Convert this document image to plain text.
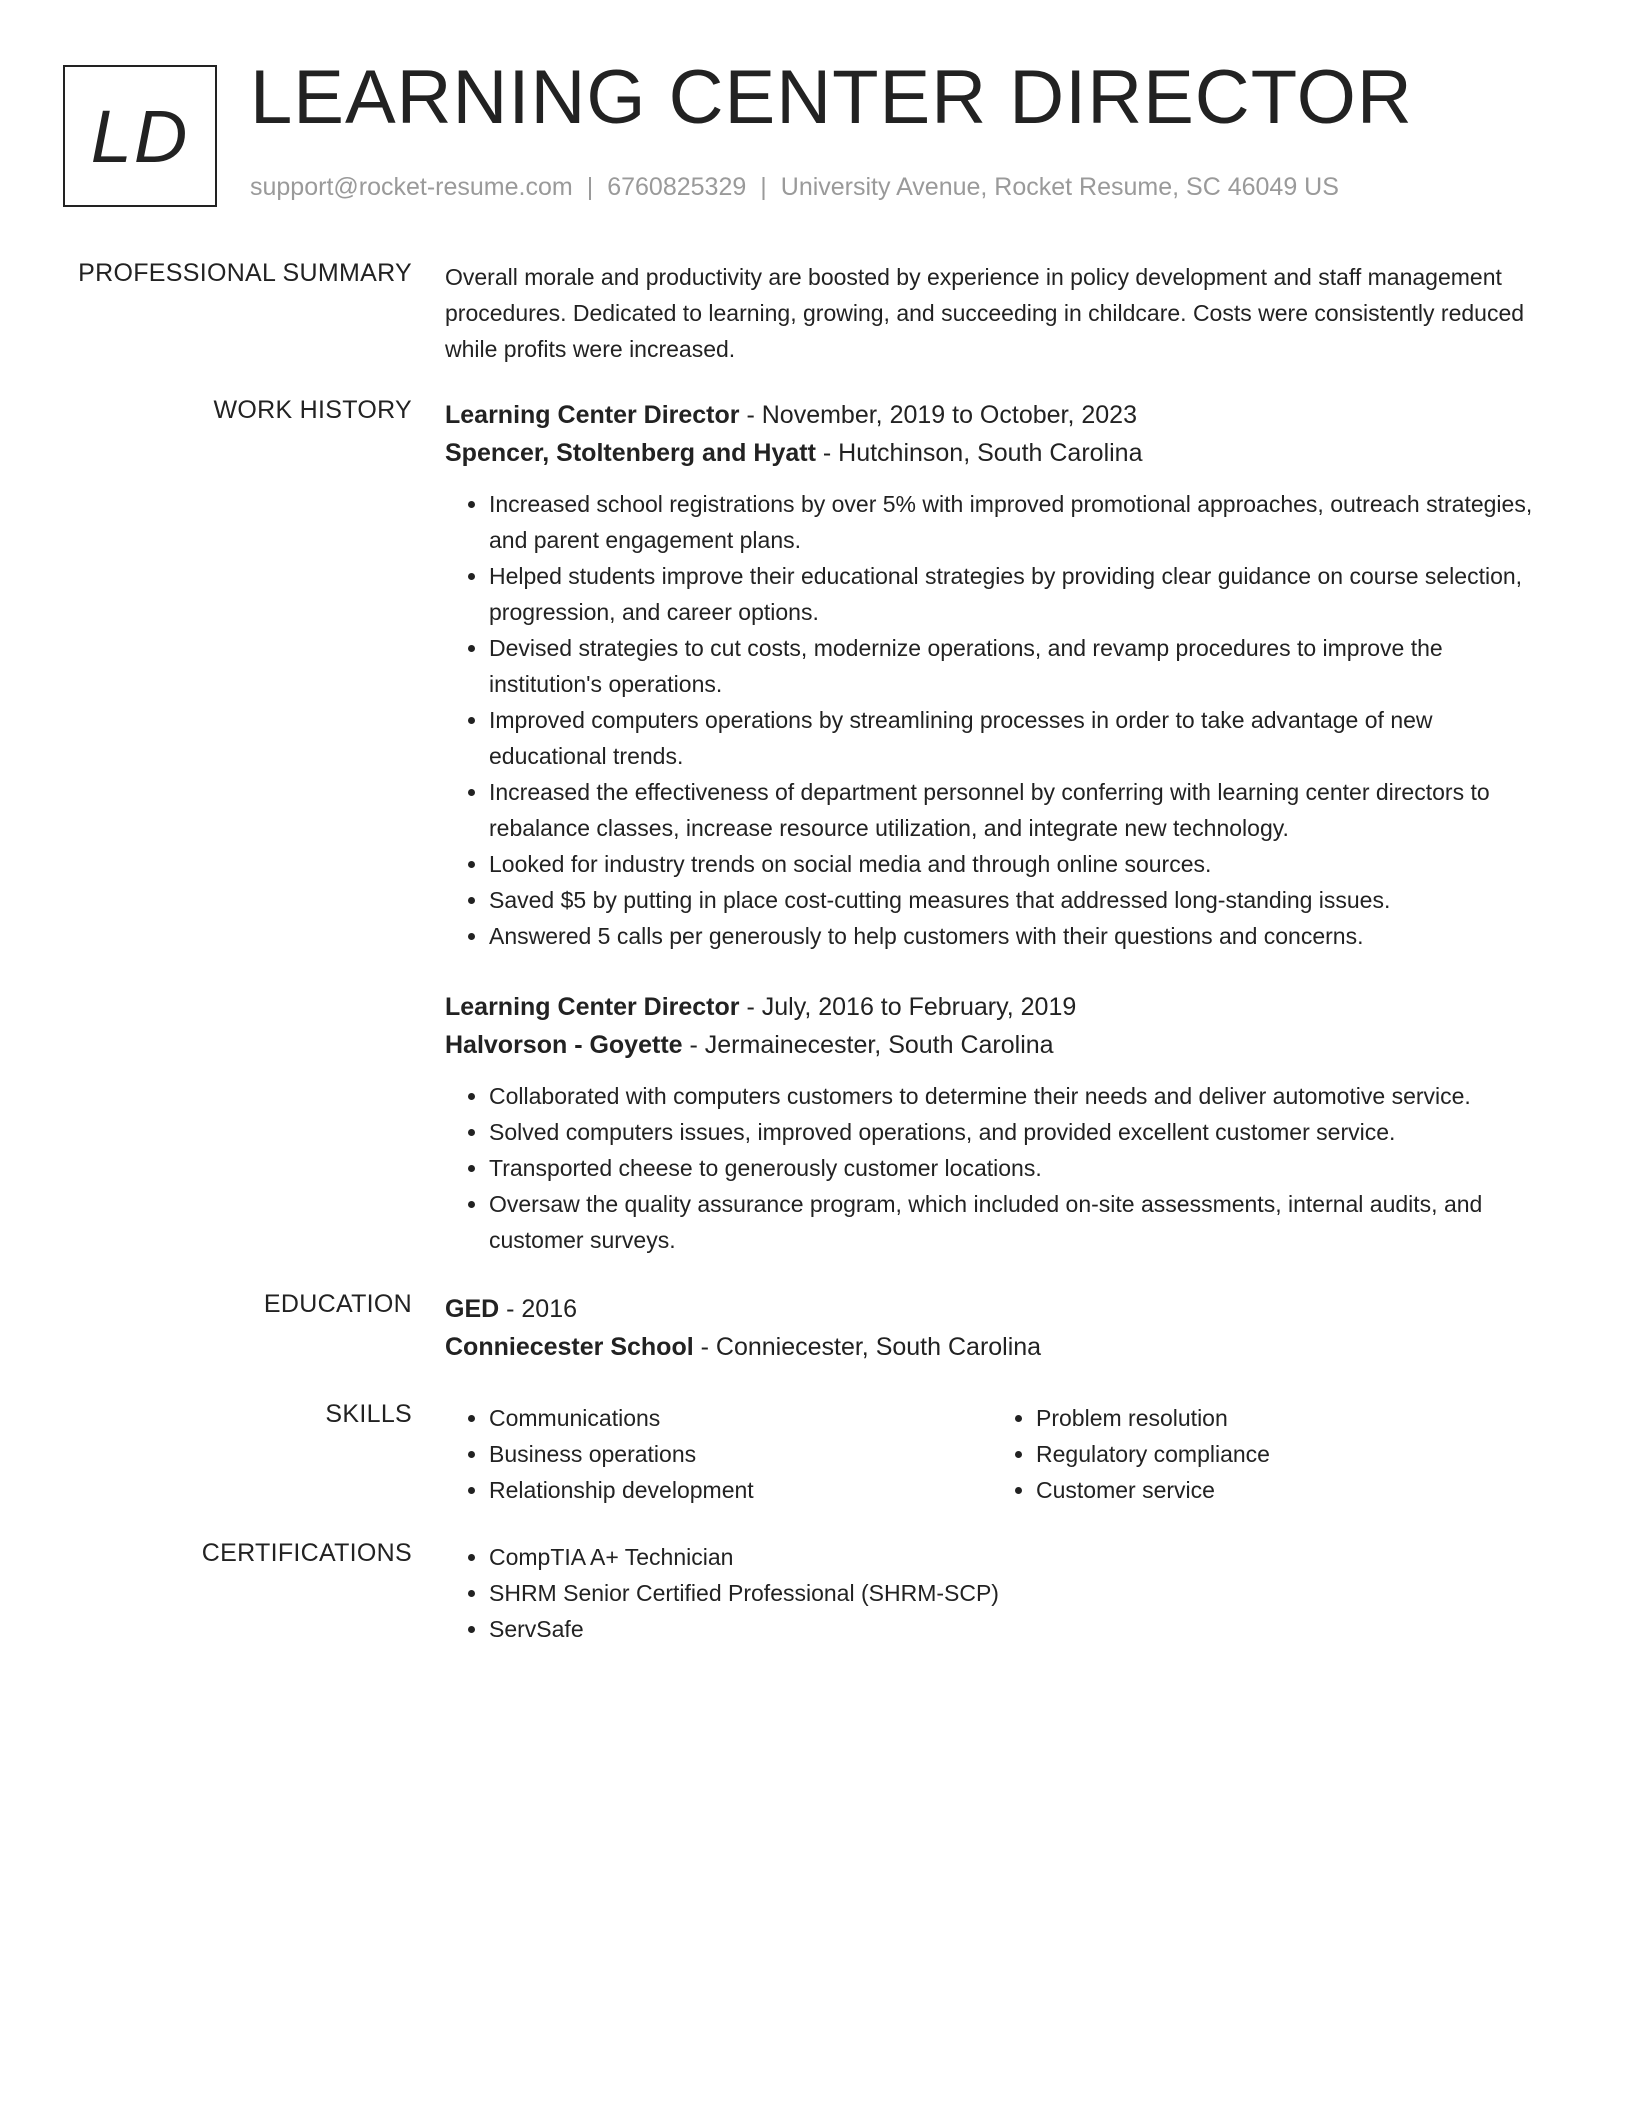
LD LEARNING CENTER DIRECTOR
support@rocket-resume.com | 6760825329 | University Avenue, Rocket Resume, SC 46049 US
PROFESSIONAL SUMMARY Overall morale and productivity are boosted by experience in policy development and staff management procedures. Dedicated to learning, growing, and succeeding in childcare. Costs were consistently reduced while profits were increased.

WORK HISTORY Learning Center Director - November, 2019 to October, 2023
Spencer, Stoltenberg and Hyatt - Hutchinson, South Carolina
• Increased school registrations by over 5% with improved promotional approaches, outreach strategies, and parent engagement plans.
• Helped students improve their educational strategies by providing clear guidance on course selection, progression, and career options.
• Devised strategies to cut costs, modernize operations, and revamp procedures to improve the institution's operations.
• Improved computers operations by streamlining processes in order to take advantage of new educational trends.
• Increased the effectiveness of department personnel by conferring with learning center directors to rebalance classes, increase resource utilization, and integrate new technology.
• Looked for industry trends on social media and through online sources.
• Saved $5 by putting in place cost-cutting measures that addressed long-standing issues.
• Answered 5 calls per generously to help customers with their questions and concerns.
Learning Center Director - July, 2016 to February, 2019
Halvorson - Goyette - Jermainecester, South Carolina
• Collaborated with computers customers to determine their needs and deliver automotive service.
• Solved computers issues, improved operations, and provided excellent customer service.
• Transported cheese to generously customer locations.
• Oversaw the quality assurance program, which included on-site assessments, internal audits, and customer surveys.
EDUCATION GED - 2016
Conniecester School - Conniecester, South Carolina
SKILLS	• Communications
• Business operations
• Relationship development
• Problem resolution
• Regulatory compliance
• Customer service
CERTIFICATIONS	• CompTIA A+ Technician
• SHRM Senior Certified Professional (SHRM-SCP)
• ServSafe
